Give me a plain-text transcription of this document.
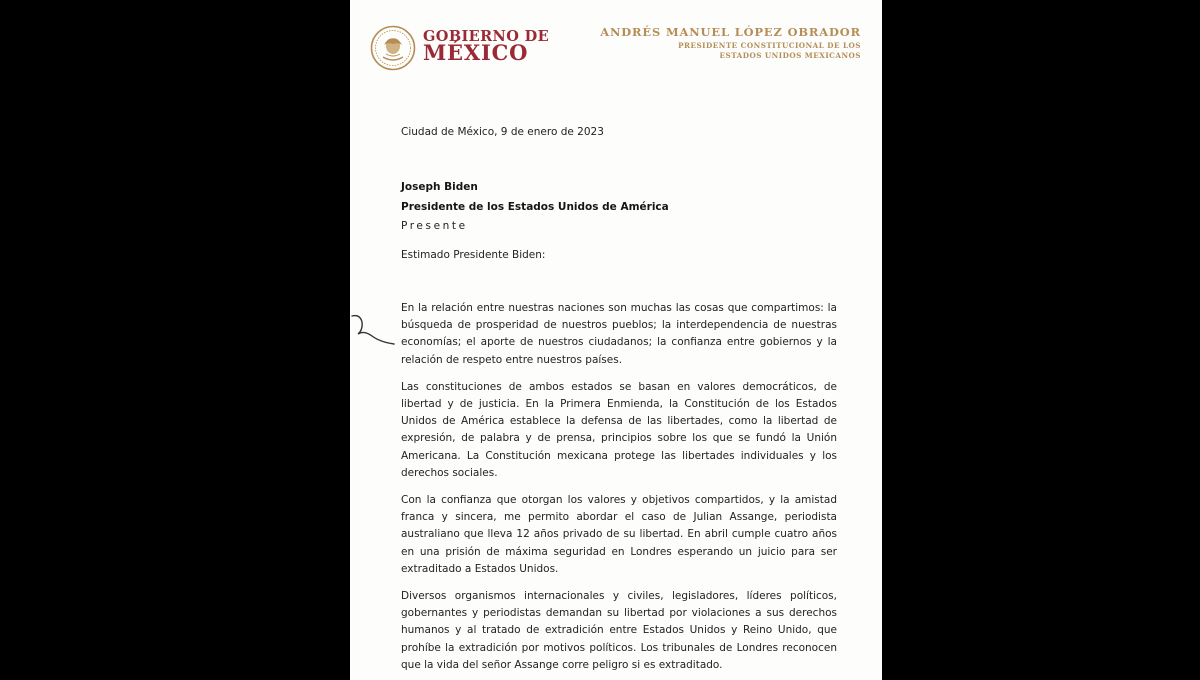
GOBIERNO DE
MÉXICO
ANDRÉS MANUEL LÓPEZ OBRADOR
PRESIDENTE CONSTITUCIONAL DE LOS
ESTADOS UNIDOS MEXICANOS
Ciudad de México, 9 de enero de 2023
Joseph Biden
Presidente de los Estados Unidos de América
Presente
Estimado Presidente Biden:

En la relación entre nuestras naciones son muchas las cosas que compartimos: la búsqueda de prosperidad de nuestros pueblos; la interdependencia de nuestras economías; el aporte de nuestros ciudadanos; la confianza entre gobiernos y la relación de respeto entre nuestros países.

Las constituciones de ambos estados se basan en valores democráticos, de libertad y de justicia. En la Primera Enmienda, la Constitución de los Estados Unidos de América establece la defensa de las libertades, como la libertad de expresión, de palabra y de prensa, principios sobre los que se fundó la Unión Americana. La Constitución mexicana protege las libertades individuales y los derechos sociales.

Con la confianza que otorgan los valores y objetivos compartidos, y la amistad franca y sincera, me permito abordar el caso de Julian Assange, periodista australiano que lleva 12 años privado de su libertad. En abril cumple cuatro años en una prisión de máxima seguridad en Londres esperando un juicio para ser extraditado a Estados Unidos.

Diversos organismos internacionales y civiles, legisladores, líderes políticos, gobernantes y periodistas demandan su libertad por violaciones a sus derechos humanos y al tratado de extradición entre Estados Unidos y Reino Unido, que prohíbe la extradición por motivos políticos. Los tribunales de Londres reconocen que la vida del señor Assange corre peligro si es extraditado.
